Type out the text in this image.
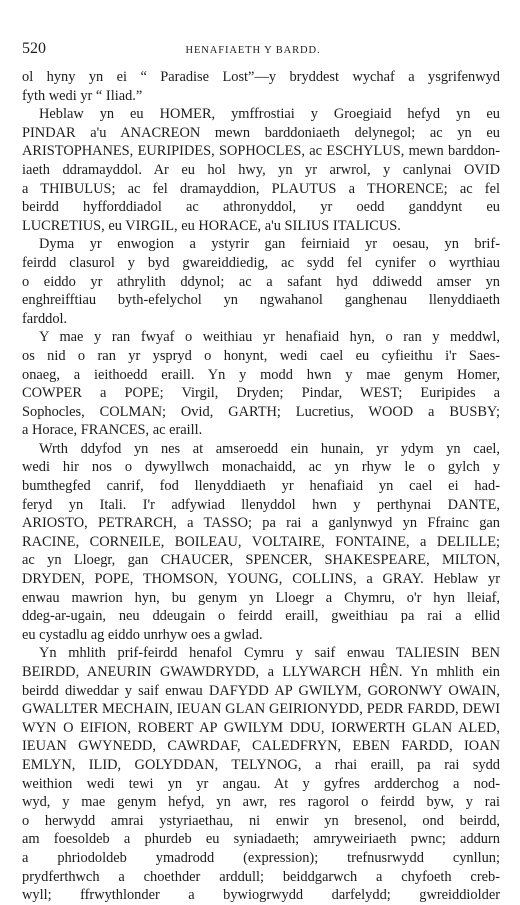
520	HENAFIAETH Y BARDD.
ol hyny yn ei “ Paradise Lost”—y bryddest wychaf a ysgrifenwyd
fyth wedi yr “ Iliad.”
Heblaw yn eu HOMER, ymffrostiai y Groegiaid hefyd yn eu
PINDAR a'u ANACREON mewn barddoniaeth delynegol; ac yn eu
ARISTOPHANES, EURIPIDES, SOPHOCLES, ac ESCHYLUS, mewn barddon-
iaeth ddramayddol. Ar eu hol hwy, yn yr arwrol, y canlynai OVID
a THIBULUS; ac fel dramayddion, PLAUTUS a THORENCE; ac fel
beirdd hyfforddiadol ac athronyddol, yr oedd ganddynt eu
LUCRETIUS, eu VIRGIL, eu HORACE, a'u SILIUS ITALICUS.
Dyma yr enwogion a ystyrir gan feirniaid yr oesau, yn brif-
feirdd clasurol y byd gwareiddiedig, ac sydd fel cynifer o wyrthiau
o eiddo yr athrylith ddynol; ac a safant hyd ddiwedd amser yn
enghreifftiau byth-efelychol yn ngwahanol ganghenau llenyddiaeth
farddol.
Y mae y ran fwyaf o weithiau yr henafiaid hyn, o ran y meddwl,
os nid o ran yr yspryd o honynt, wedi cael eu cyfieithu i'r Saes-
onaeg, a ieithoedd eraill. Yn y modd hwn y mae genym Homer,
COWPER a POPE; Virgil, Dryden; Pindar, WEST; Euripides a
Sophocles, COLMAN; Ovid, GARTH; Lucretius, WOOD a BUSBY;
a Horace, FRANCES, ac eraill.
Wrth ddyfod yn nes at amseroedd ein hunain, yr ydym yn cael,
wedi hir nos o dywyllwch monachaidd, ac yn rhyw le o gylch y
bumthegfed canrif, fod llenyddiaeth yr henafiaid yn cael ei had-
feryd yn Itali. I'r adfywiad llenyddol hwn y perthynai DANTE,
ARIOSTO, PETRARCH, a TASSO; pa rai a ganlynwyd yn Ffrainc gan
RACINE, CORNEILE, BOILEAU, VOLTAIRE, FONTAINE, a DELILLE;
ac yn Lloegr, gan CHAUCER, SPENCER, SHAKESPEARE, MILTON,
DRYDEN, POPE, THOMSON, YOUNG, COLLINS, a GRAY. Heblaw yr
enwau mawrion hyn, bu genym yn Lloegr a Chymru, o'r hyn lleiaf,
ddeg-ar-ugain, neu ddeugain o feirdd eraill, gweithiau pa rai a ellid
eu cystadlu ag eiddo unrhyw oes a gwlad.
Yn mhlith prif-feirdd henafol Cymru y saif enwau TALIESIN BEN
BEIRDD, ANEURIN GWAWDRYDD, a LLYWARCH HÊN. Yn mhlith ein
beirdd diweddar y saif enwau DAFYDD AP GWILYM, GORONWY OWAIN,
GWALLTER MECHAIN, IEUAN GLAN GEIRIONYDD, PEDR FARDD, DEWI
WYN O EIFION, ROBERT AP GWILYM DDU, IORWERTH GLAN ALED,
IEUAN GWYNEDD, CAWRDAF, CALEDFRYN, EBEN FARDD, IOAN
EMLYN, ILID, GOLYDDAN, TELYNOG, a rhai eraill, pa rai sydd
weithion wedi tewi yn yr angau. At y gyfres ardderchog a nod-
wyd, y mae genym hefyd, yn awr, res ragorol o feirdd byw, y rai
o herwydd amrai ystyriaethau, ni enwir yn bresenol, ond beirdd,
am foesoldeb a phurdeb eu syniadaeth; amryweiriaeth pwnc; addurn
a phriodoldeb ymadrodd (expression); trefnusrwydd cynllun;
prydferthwch a choethder arddull; beiddgarwch a chyfoeth creb-
wyll; ffrwythlonder a bywiogrwydd darfelydd; gwreiddiolder
